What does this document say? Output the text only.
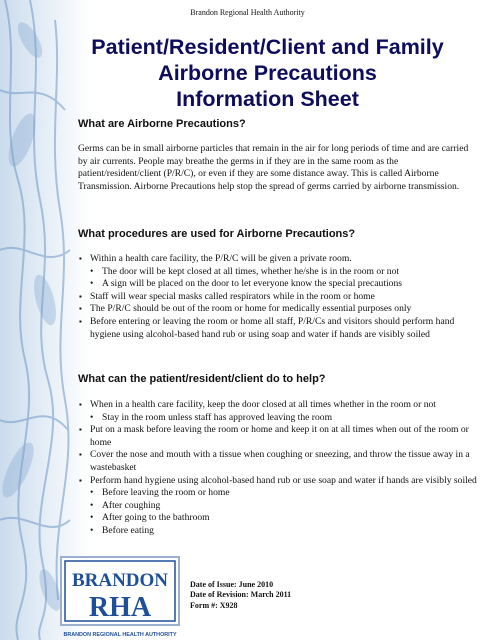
Brandon Regional Health Authority
Patient/Resident/Client and Family
Airborne Precautions
Information Sheet
What are Airborne Precautions?

Germs can be in small airborne particles that remain in the air for long periods of time and are carried by air currents. People may breathe the germs in if they are in the same room as the patient/resident/client (P/R/C), or even if they are some distance away. This is called Airborne Transmission. Airborne Precautions help stop the spread of germs carried by airborne transmission.

What procedures are used for Airborne Precautions?
▪ Within a health care facility, the P/R/C will be given a private room.
• The door will be kept closed at all times, whether he/she is in the room or not
• A sign will be placed on the door to let everyone know the special precautions
▪ Staff will wear special masks called respirators while in the room or home
▪ The P/R/C should be out of the room or home for medically essential purposes only
▪ Before entering or leaving the room or home all staff, P/R/Cs and visitors should perform hand hygiene using alcohol-based hand rub or using soap and water if hands are visibly soiled
What can the patient/resident/client do to help?
▪ When in a health care facility, keep the door closed at all times whether in the room or not
• Stay in the room unless staff has approved leaving the room
▪ Put on a mask before leaving the room or home and keep it on at all times when out of the room or home
▪ Cover the nose and mouth with a tissue when coughing or sneezing, and throw the tissue away in a wastebasket
▪ Perform hand hygiene using alcohol-based hand rub or use soap and water if hands are visibly soiled
• Before leaving the room or home
• After coughing
• After going to the bathroom
• Before eating
BRANDON
RHA
BRANDON REGIONAL HEALTH AUTHORITY
Date of Issue: June 2010
Date of Revision: March 2011
Form #: X928
